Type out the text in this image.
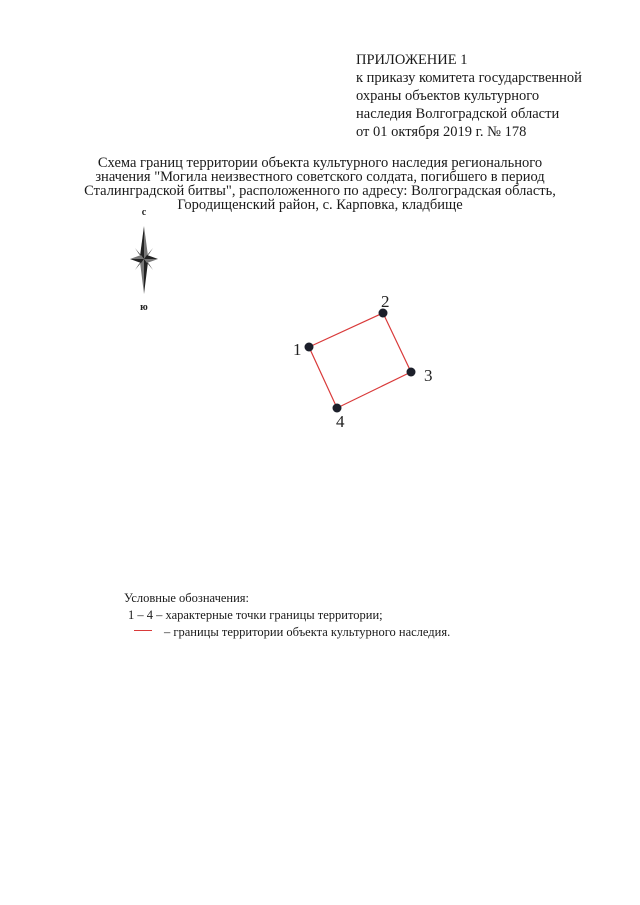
ПРИЛОЖЕНИЕ 1
к приказу комитета государственной
охраны объектов культурного
наследия Волгоградской области
от 01 октября 2019 г. № 178
Схема границ территории объекта культурного наследия регионального
значения "Могила неизвестного советского солдата, погибшего в период
Сталинградской битвы", расположенного по адресу: Волгоградская область,
Городищенский район, с. Карповка, кладбище
с
ю
1
2
3
4
Условные обозначения:
1 – 4 – характерные точки границы территории;
– границы территории объекта культурного наследия.
